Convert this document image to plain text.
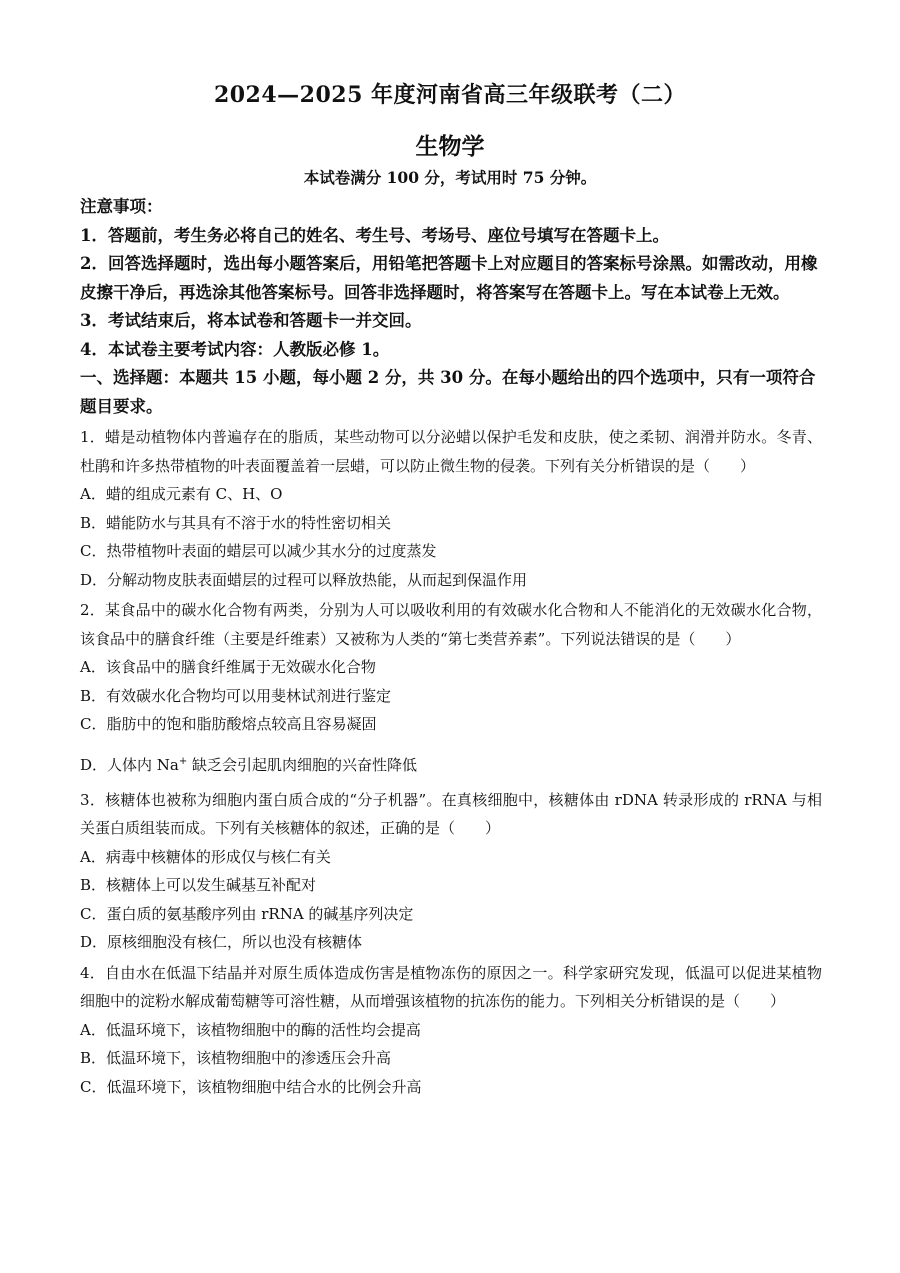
2024—2025 年度河南省高三年级联考（二）
生物学
本试卷满分 100 分，考试用时 75 分钟。

注意事项：

1．答题前，考生务必将自己的姓名、考生号、考场号、座位号填写在答题卡上。

2．回答选择题时，选出每小题答案后，用铅笔把答题卡上对应题目的答案标号涂黑。如需改动，用橡皮擦干净后，再选涂其他答案标号。回答非选择题时，将答案写在答题卡上。写在本试卷上无效。

3．考试结束后，将本试卷和答题卡一并交回。

4．本试卷主要考试内容：人教版必修 1。

一、选择题：本题共 15 小题，每小题 2 分，共 30 分。在每小题给出的四个选项中，只有一项符合题目要求。

1．蜡是动植物体内普遍存在的脂质，某些动物可以分泌蜡以保护毛发和皮肤，使之柔韧、润滑并防水。冬青、杜鹃和许多热带植物的叶表面覆盖着一层蜡，可以防止微生物的侵袭。下列有关分析错误的是（　　）

A．蜡的组成元素有 C、H、O

B．蜡能防水与其具有不溶于水的特性密切相关

C．热带植物叶表面的蜡层可以减少其水分的过度蒸发

D．分解动物皮肤表面蜡层的过程可以释放热能，从而起到保温作用

2．某食品中的碳水化合物有两类，分别为人可以吸收利用的有效碳水化合物和人不能消化的无效碳水化合物，该食品中的膳食纤维（主要是纤维素）又被称为人类的“第七类营养素”。下列说法错误的是（　　）

A．该食品中的膳食纤维属于无效碳水化合物

B．有效碳水化合物均可以用斐林试剂进行鉴定

C．脂肪中的饱和脂肪酸熔点较高且容易凝固

D．人体内 Na+ 缺乏会引起肌肉细胞的兴奋性降低

3．核糖体也被称为细胞内蛋白质合成的“分子机器”。在真核细胞中，核糖体由 rDNA 转录形成的 rRNA 与相关蛋白质组装而成。下列有关核糖体的叙述，正确的是（　　）

A．病毒中核糖体的形成仅与核仁有关

B．核糖体上可以发生碱基互补配对

C．蛋白质的氨基酸序列由 rRNA 的碱基序列决定

D．原核细胞没有核仁，所以也没有核糖体

4．自由水在低温下结晶并对原生质体造成伤害是植物冻伤的原因之一。科学家研究发现，低温可以促进某植物细胞中的淀粉水解成葡萄糖等可溶性糖，从而增强该植物的抗冻伤的能力。下列相关分析错误的是（　　）

A．低温环境下，该植物细胞中的酶的活性均会提高

B．低温环境下，该植物细胞中的渗透压会升高

C．低温环境下，该植物细胞中结合水的比例会升高
